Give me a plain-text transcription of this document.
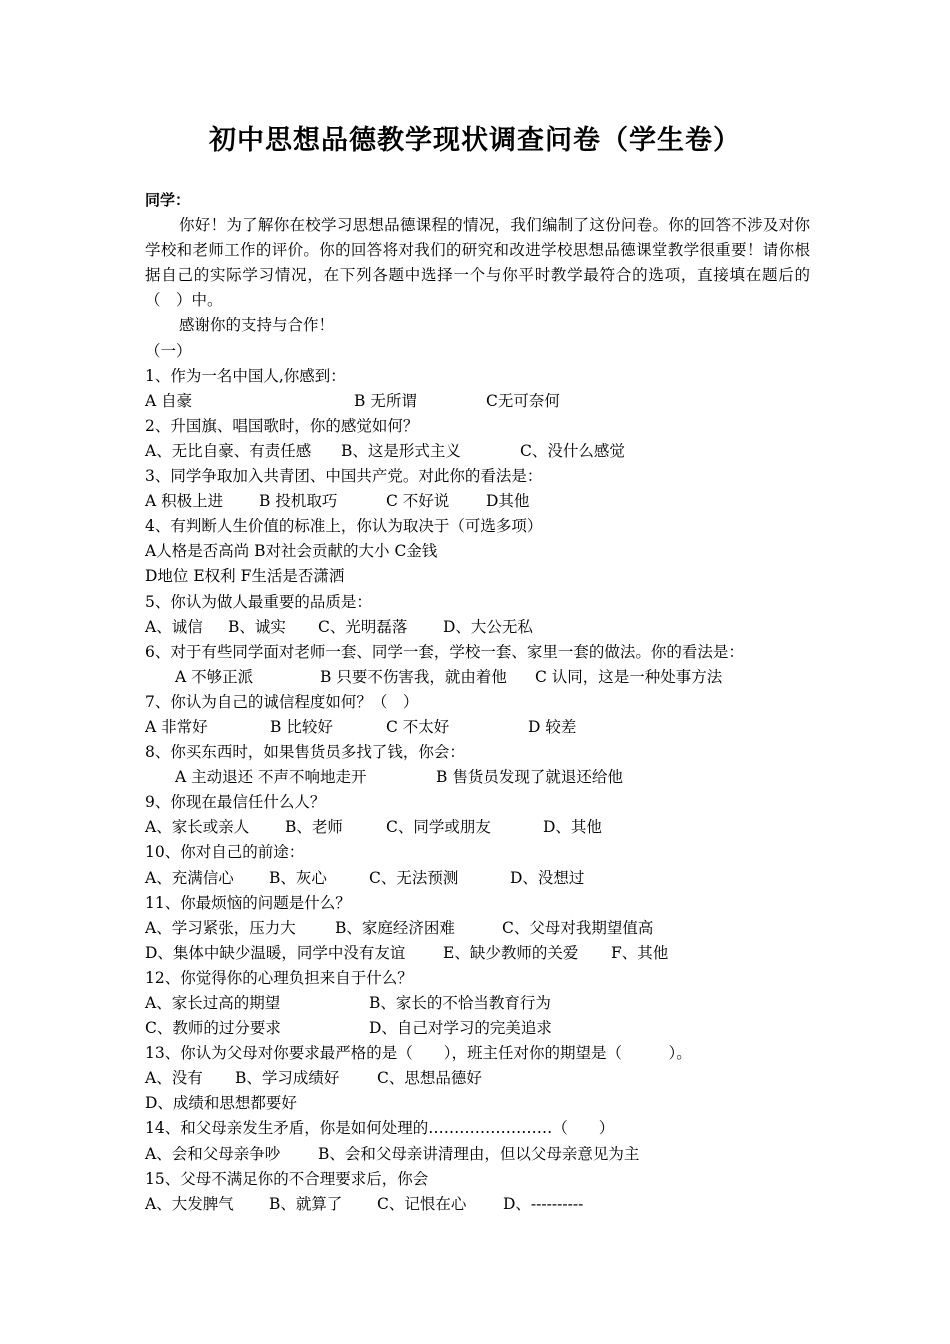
初中思想品德教学现状调查问卷（学生卷）
同学：

你好！为了解你在校学习思想品德课程的情况，我们编制了这份问卷。你的回答不涉及对你学校和老师工作的评价。你的回答将对我们的研究和改进学校思想品德课堂教学很重要！请你根据自己的实际学习情况，在下列各题中选择一个与你平时教学最符合的选项，直接填在题后的（　）中。

感谢你的支持与合作！
（一）
1、作为一名中国人,你感到：
A 自豪	B 无所谓	C无可奈何
2、升国旗、唱国歌时，你的感觉如何？
A、无比自豪、有责任感 B、这是形式主义	C、没什么感觉
3、同学争取加入共青团、中国共产党。对此你的看法是：
A 积极上进 B 投机取巧	C 不好说 D其他
4、有判断人生价值的标准上，你认为取决于（可选多项）
A人格是否高尚 B对社会贡献的大小 C金钱
D地位 E权利 F生活是否潇洒
5、你认为做人最重要的品质是：
A、诚信 B、诚实 C、光明磊落 D、大公无私
6、对于有些同学面对老师一套、同学一套，学校一套、家里一套的做法。你的看法是：
A 不够正派	B 只要不伤害我，就由着他 C 认同，这是一种处事方法
7、你认为自己的诚信程度如何？（　）
A 非常好	B 比较好	C 不太好	D 较差
8、你买东西时，如果售货员多找了钱，你会：
A 主动退还 不声不响地走开	B 售货员发现了就退还给他
9、你现在最信任什么人？
A、家长或亲人 B、老师	C、同学或朋友	D、其他
10、你对自己的前途：
A、充满信心 B、灰心	C、无法预测	D、没想过
11、你最烦恼的问题是什么？
A、学习紧张，压力大	B、家庭经济困难	C、父母对我期望值高
D、集体中缺少温暖，同学中没有友谊 E、缺少教师的关爱 F、其他
12、你觉得你的心理负担来自于什么？
A、家长过高的期望	B、家长的不恰当教育行为
C、教师的过分要求	D、自己对学习的完美追求
13、你认为父母对你要求最严格的是（　　），班主任对你的期望是（　　　）。
A、没有 B、学习成绩好 C、思想品德好
D、成绩和思想都要好
14、和父母亲发生矛盾，你是如何处理的……………………（　　）
A、会和父母亲争吵 B、会和父母亲讲清理由，但以父母亲意见为主
15、父母不满足你的不合理要求后，你会
A、大发脾气 B、就算了 C、记恨在心 D、----------
